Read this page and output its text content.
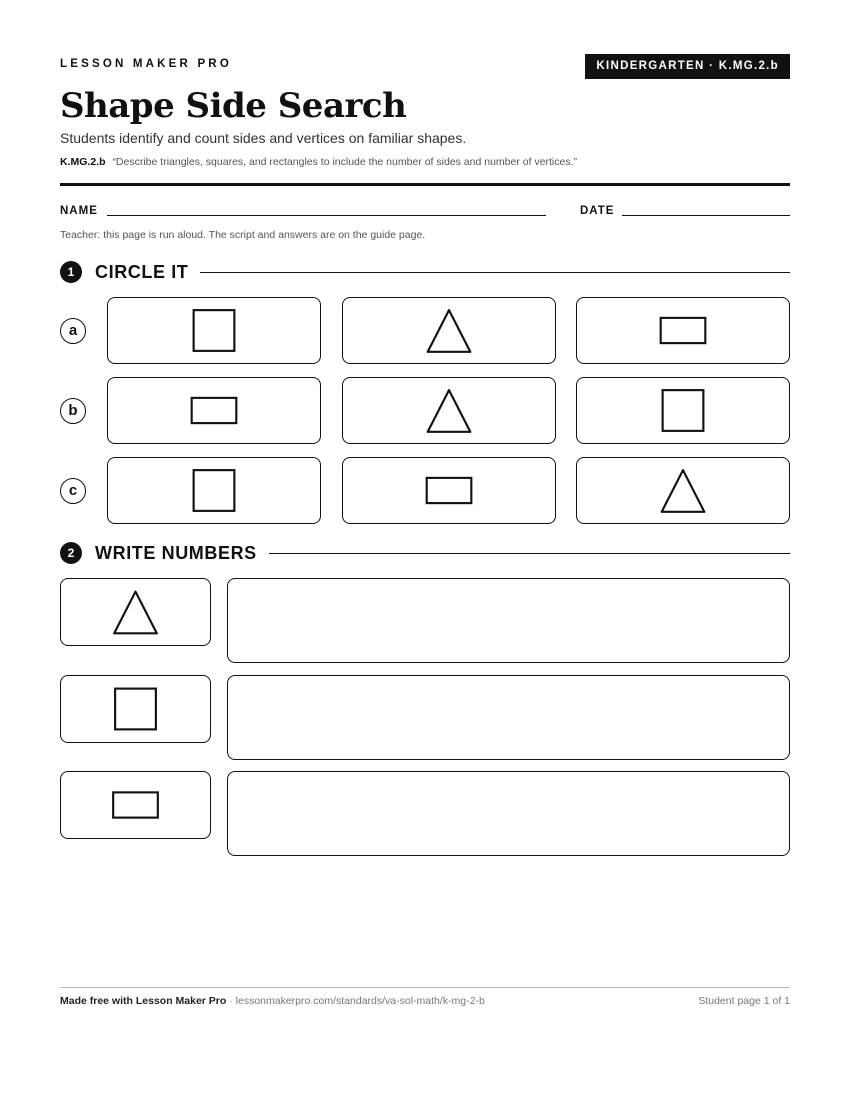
LESSON MAKER PRO	KINDERGARTEN · K.MG.2.b
Shape Side Search
Students identify and count sides and vertices on familiar shapes.
K.MG.2.b “Describe triangles, squares, and rectangles to include the number of sides and number of vertices.”
NAME	DATE
Teacher: this page is run aloud. The script and answers are on the guide page.
1	CIRCLE IT
a
b
c
2	WRITE NUMBERS
Made free with Lesson Maker Pro · lessonmakerpro.com/standards/va-sol-math/k-mg-2-b	Student page 1 of 1
